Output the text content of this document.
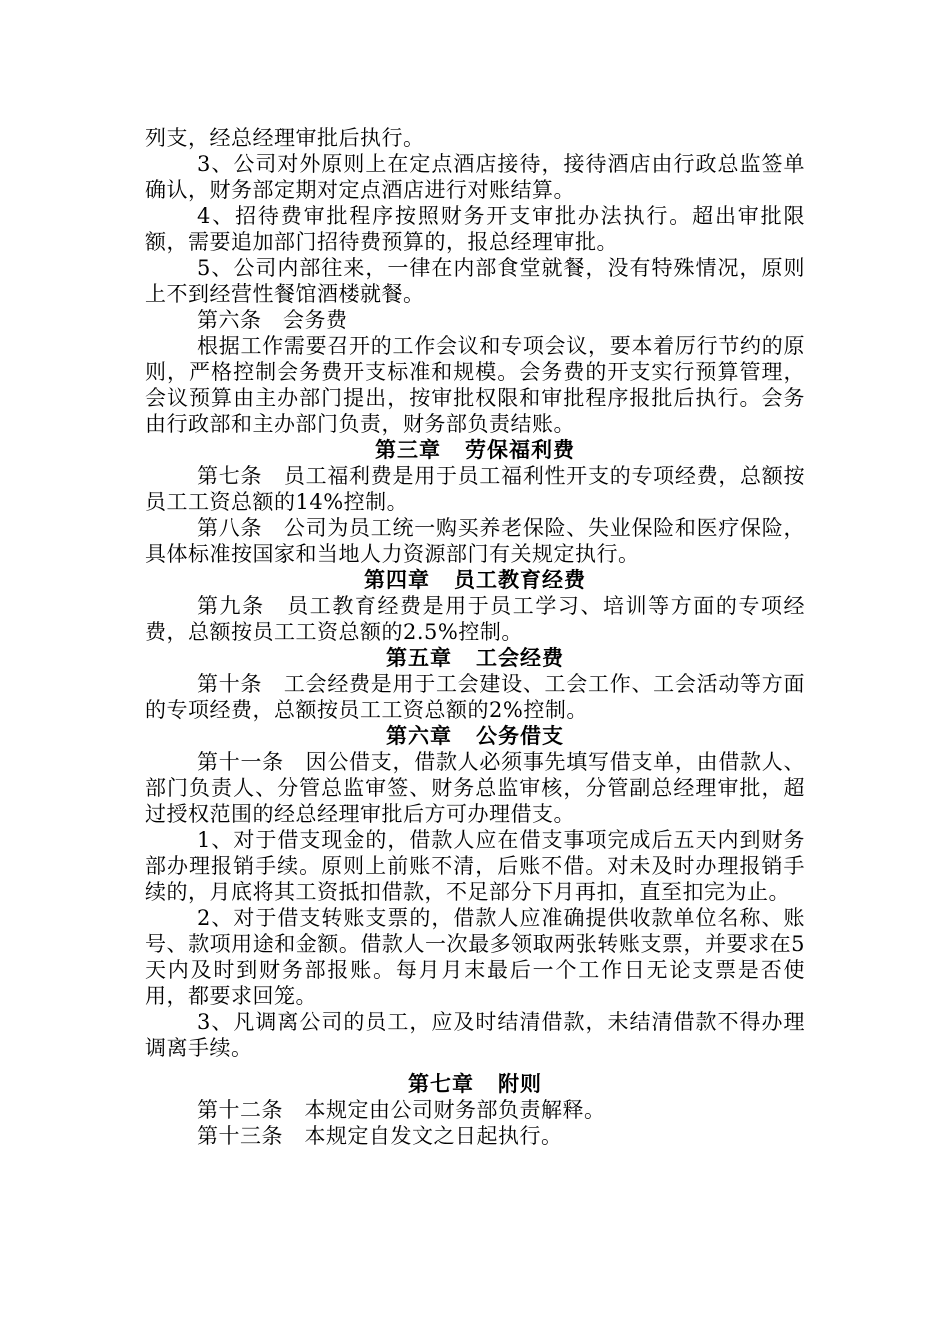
列支，经总经理审批后执行。

3、公司对外原则上在定点酒店接待，接待酒店由行政总监签单确认，财务部定期对定点酒店进行对账结算。

4、招待费审批程序按照财务开支审批办法执行。超出审批限额，需要追加部门招待费预算的，报总经理审批。

5、公司内部往来，一律在内部食堂就餐，没有特殊情况，原则上不到经营性餐馆酒楼就餐。

第六条　会务费

根据工作需要召开的工作会议和专项会议，要本着厉行节约的原则，严格控制会务费开支标准和规模。会务费的开支实行预算管理，会议预算由主办部门提出，按审批权限和审批程序报批后执行。会务由行政部和主办部门负责，财务部负责结账。

第三章 劳保福利费

第七条　员工福利费是用于员工福利性开支的专项经费，总额按员工工资总额的14%控制。

第八条　公司为员工统一购买养老保险、失业保险和医疗保险，具体标准按国家和当地人力资源部门有关规定执行。

第四章 员工教育经费

第九条　员工教育经费是用于员工学习、培训等方面的专项经费，总额按员工工资总额的2.5%控制。

第五章 工会经费

第十条　工会经费是用于工会建设、工会工作、工会活动等方面的专项经费，总额按员工工资总额的2%控制。

第六章 公务借支

第十一条　因公借支，借款人必须事先填写借支单，由借款人、部门负责人、分管总监审签、财务总监审核，分管副总经理审批，超过授权范围的经总经理审批后方可办理借支。

1、对于借支现金的，借款人应在借支事项完成后五天内到财务部办理报销手续。原则上前账不清，后账不借。对未及时办理报销手续的，月底将其工资抵扣借款，不足部分下月再扣，直至扣完为止。

2、对于借支转账支票的，借款人应准确提供收款单位名称、账号、款项用途和金额。借款人一次最多领取两张转账支票，并要求在5天内及时到财务部报账。每月月末最后一个工作日无论支票是否使用，都要求回笼。

3、凡调离公司的员工，应及时结清借款，未结清借款不得办理调离手续。

第七章 附则

第十二条　本规定由公司财务部负责解释。

第十三条　本规定自发文之日起执行。
